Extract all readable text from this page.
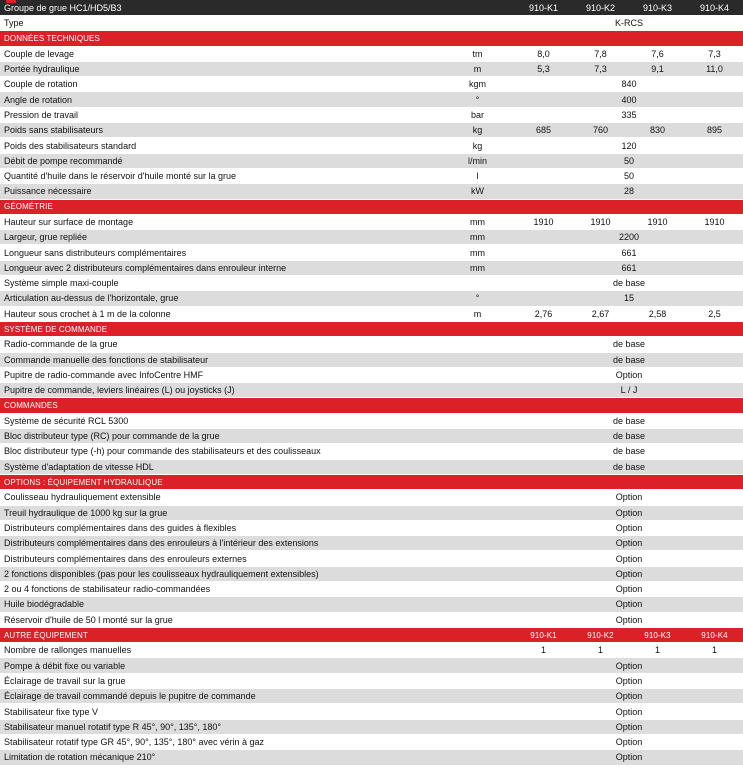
Groupe de grue HC1/HD5/B3		910-K1	910-K2	910-K3	910-K4
Type		K-RCS			
DONNÉES TECHNIQUES					
Couple de levage	tm	8,0	7,8	7,6	7,3
Portée hydraulique	m	5,3	7,3	9,1	11,0
Couple de rotation	kgm	840			
Angle de rotation	°	400			
Pression de travail	bar	335			
Poids sans stabilisateurs	kg	685	760	830	895
Poids des stabilisateurs standard	kg	120			
Débit de pompe recommandé	l/min	50			
Quantité d'huile dans le réservoir d'huile monté sur la grue	l	50			
Puissance nécessaire	kW	28			
GÉOMÉTRIE					
Hauteur sur surface de montage	mm	1910	1910	1910	1910
Largeur, grue repliée	mm	2200			
Longueur sans distributeurs complémentaires	mm	661			
Longueur avec 2 distributeurs complémentaires dans enrouleur interne	mm	661			
Système simple maxi-couple		de base			
Articulation au-dessus de l'horizontale, grue	°	15			
Hauteur sous crochet à 1 m de la colonne	m	2,76	2,67	2,58	2,5
SYSTÈME DE COMMANDE					
Radio-commande de la grue		de base			
Commande manuelle des fonctions de stabilisateur		de base			
Pupitre de radio-commande avec InfoCentre HMF		Option			
Pupitre de commande, leviers linéaires (L) ou joysticks (J)		L / J			
COMMANDES					
Système de sécurité RCL 5300		de base			
Bloc distributeur type (RC) pour commande de la grue		de base			
Bloc distributeur type (-h) pour commande des stabilisateurs et des coulisseaux		de base			
Système d'adaptation de vitesse HDL		de base			
OPTIONS : ÉQUIPEMENT HYDRAULIQUE					
Coulisseau hydrauliquement extensible		Option			
Treuil hydraulique de 1000 kg sur la grue		Option			
Distributeurs complémentaires dans des guides à flexibles		Option			
Distributeurs complémentaires dans des enrouleurs à l'intérieur des extensions		Option			
Distributeurs complémentaires dans des enrouleurs externes		Option			
2 fonctions disponibles (pas pour les coulisseaux hydrauliquement extensibles)		Option			
2 ou 4 fonctions de stabilisateur radio-commandées		Option			
Huile biodégradable		Option			
Réservoir d'huile de 50 l monté sur la grue		Option			
AUTRE ÉQUIPEMENT		910-K1	910-K2	910-K3	910-K4
Nombre de rallonges manuelles		1	1	1	1
Pompe à débit fixe ou variable		Option			
Éclairage de travail sur la grue		Option			
Éclairage de travail commandé depuis le pupitre de commande		Option			
Stabilisateur fixe type V		Option			
Stabilisateur manuel rotatif type R 45°, 90°, 135°, 180°		Option			
Stabilisateur rotatif type GR 45°, 90°, 135°, 180° avec vérin à gaz		Option			
Limitation de rotation mécanique 210°		Option			
